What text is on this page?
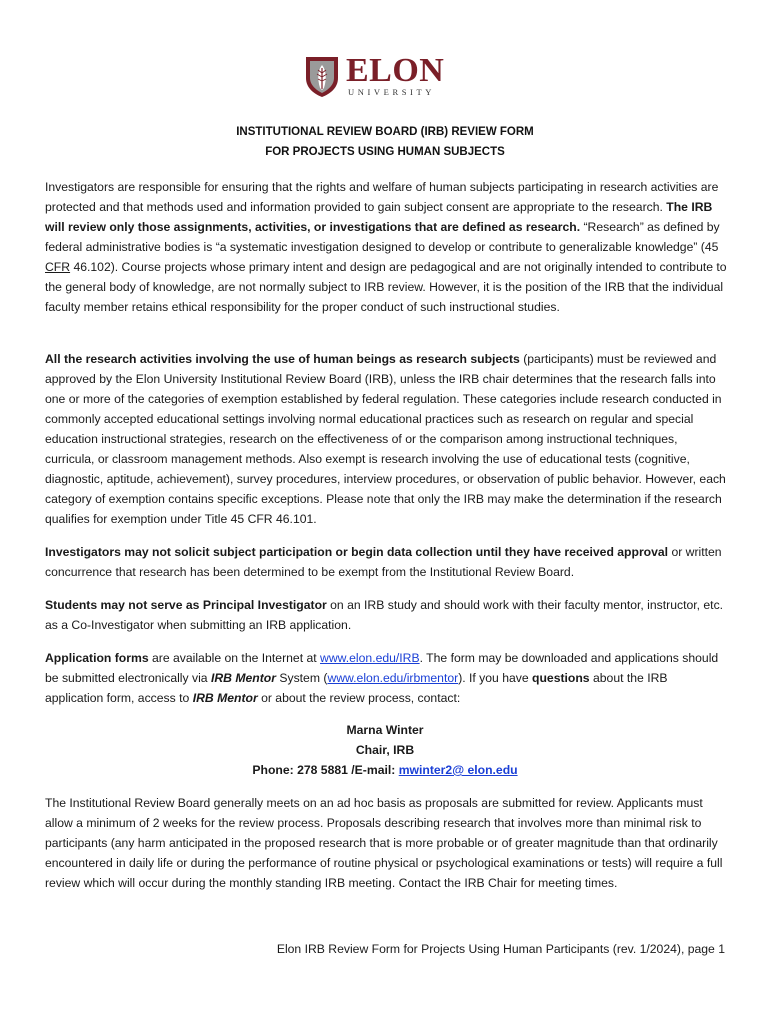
ELON
UNIVERSITY
INSTITUTIONAL REVIEW BOARD (IRB) REVIEW FORM
FOR PROJECTS USING HUMAN SUBJECTS
Investigators are responsible for ensuring that the rights and welfare of human subjects participating in research activities are protected and that methods used and information provided to gain subject consent are appropriate to the research. The IRB will review only those assignments, activities, or investigations that are defined as research. “Research” as defined by federal administrative bodies is “a systematic investigation designed to develop or contribute to generalizable knowledge” (45 CFR 46.102). Course projects whose primary intent and design are pedagogical and are not originally intended to contribute to the general body of knowledge, are not normally subject to IRB review. However, it is the position of the IRB that the individual faculty member retains ethical responsibility for the proper conduct of such instructional studies.
All the research activities involving the use of human beings as research subjects (participants) must be reviewed and approved by the Elon University Institutional Review Board (IRB), unless the IRB chair determines that the research falls into one or more of the categories of exemption established by federal regulation. These categories include research conducted in commonly accepted educational settings involving normal educational practices such as research on regular and special education instructional strategies, research on the effectiveness of or the comparison among instructional techniques, curricula, or classroom management methods. Also exempt is research involving the use of educational tests (cognitive, diagnostic, aptitude, achievement), survey procedures, interview procedures, or observation of public behavior. However, each category of exemption contains specific exceptions. Please note that only the IRB may make the determination if the research qualifies for exemption under Title 45 CFR 46.101.
Investigators may not solicit subject participation or begin data collection until they have received approval or written concurrence that research has been determined to be exempt from the Institutional Review Board.
Students may not serve as Principal Investigator on an IRB study and should work with their faculty mentor, instructor, etc. as a Co-Investigator when submitting an IRB application.
Application forms are available on the Internet at www.elon.edu/IRB. The form may be downloaded and applications should be submitted electronically via IRB Mentor System (www.elon.edu/irbmentor). If you have questions about the IRB application form, access to IRB Mentor or about the review process, contact:
Marna Winter
Chair, IRB
Phone: 278 5881 /E-mail: mwinter2@ elon.edu
The Institutional Review Board generally meets on an ad hoc basis as proposals are submitted for review. Applicants must allow a minimum of 2 weeks for the review process. Proposals describing research that involves more than minimal risk to participants (any harm anticipated in the proposed research that is more probable or of greater magnitude than that ordinarily encountered in daily life or during the performance of routine physical or psychological examinations or tests) will require a full review which will occur during the monthly standing IRB meeting. Contact the IRB Chair for meeting times.
Elon IRB Review Form for Projects Using Human Participants (rev. 1/2024), page 1
